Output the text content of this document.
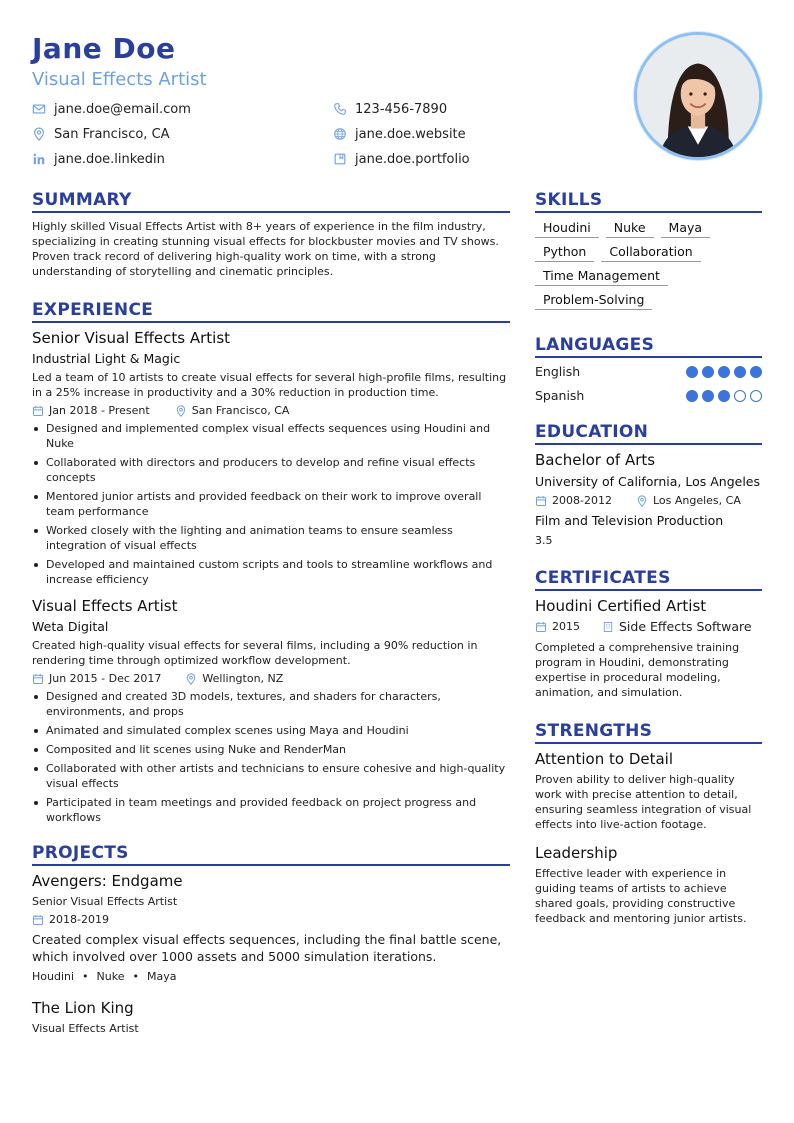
Jane Doe
Visual Effects Artist
jane.doe@email.com	123-456-7890
San Francisco, CA	jane.doe.website
jane.doe.linkedin	jane.doe.portfolio
SUMMARY
Highly skilled Visual Effects Artist with 8+ years of experience in the film industry, specializing in creating stunning visual effects for blockbuster movies and TV shows. Proven track record of delivering high-quality work on time, with a strong understanding of storytelling and cinematic principles.
EXPERIENCE
Senior Visual Effects Artist
Industrial Light & Magic
Led a team of 10 artists to create visual effects for several high-profile films, resulting in a 25% increase in productivity and a 30% reduction in production time.
Jan 2018 - Present	San Francisco, CA
Designed and implemented complex visual effects sequences using Houdini and Nuke
Collaborated with directors and producers to develop and refine visual effects concepts
Mentored junior artists and provided feedback on their work to improve overall team performance
Worked closely with the lighting and animation teams to ensure seamless integration of visual effects
Developed and maintained custom scripts and tools to streamline workflows and increase efficiency
Visual Effects Artist
Weta Digital
Created high-quality visual effects for several films, including a 90% reduction in rendering time through optimized workflow development.
Jun 2015 - Dec 2017	Wellington, NZ
Designed and created 3D models, textures, and shaders for characters, environments, and props
Animated and simulated complex scenes using Maya and Houdini
Composited and lit scenes using Nuke and RenderMan
Collaborated with other artists and technicians to ensure cohesive and high-quality visual effects
Participated in team meetings and provided feedback on project progress and workflows
PROJECTS
Avengers: Endgame
Senior Visual Effects Artist
2018-2019
Created complex visual effects sequences, including the final battle scene, which involved over 1000 assets and 5000 simulation iterations.
Houdini • Nuke • Maya
The Lion King
Visual Effects Artist
SKILLS
Houdini	Nuke	Maya
Python	Collaboration
Time Management
Problem-Solving
LANGUAGES
English
Spanish
EDUCATION
Bachelor of Arts
University of California, Los Angeles
2008-2012	Los Angeles, CA
Film and Television Production
3.5
CERTIFICATES
Houdini Certified Artist
2015	Side Effects Software
Completed a comprehensive training program in Houdini, demonstrating expertise in procedural modeling, animation, and simulation.
STRENGTHS
Attention to Detail
Proven ability to deliver high-quality work with precise attention to detail, ensuring seamless integration of visual effects into live-action footage.
Leadership
Effective leader with experience in guiding teams of artists to achieve shared goals, providing constructive feedback and mentoring junior artists.
